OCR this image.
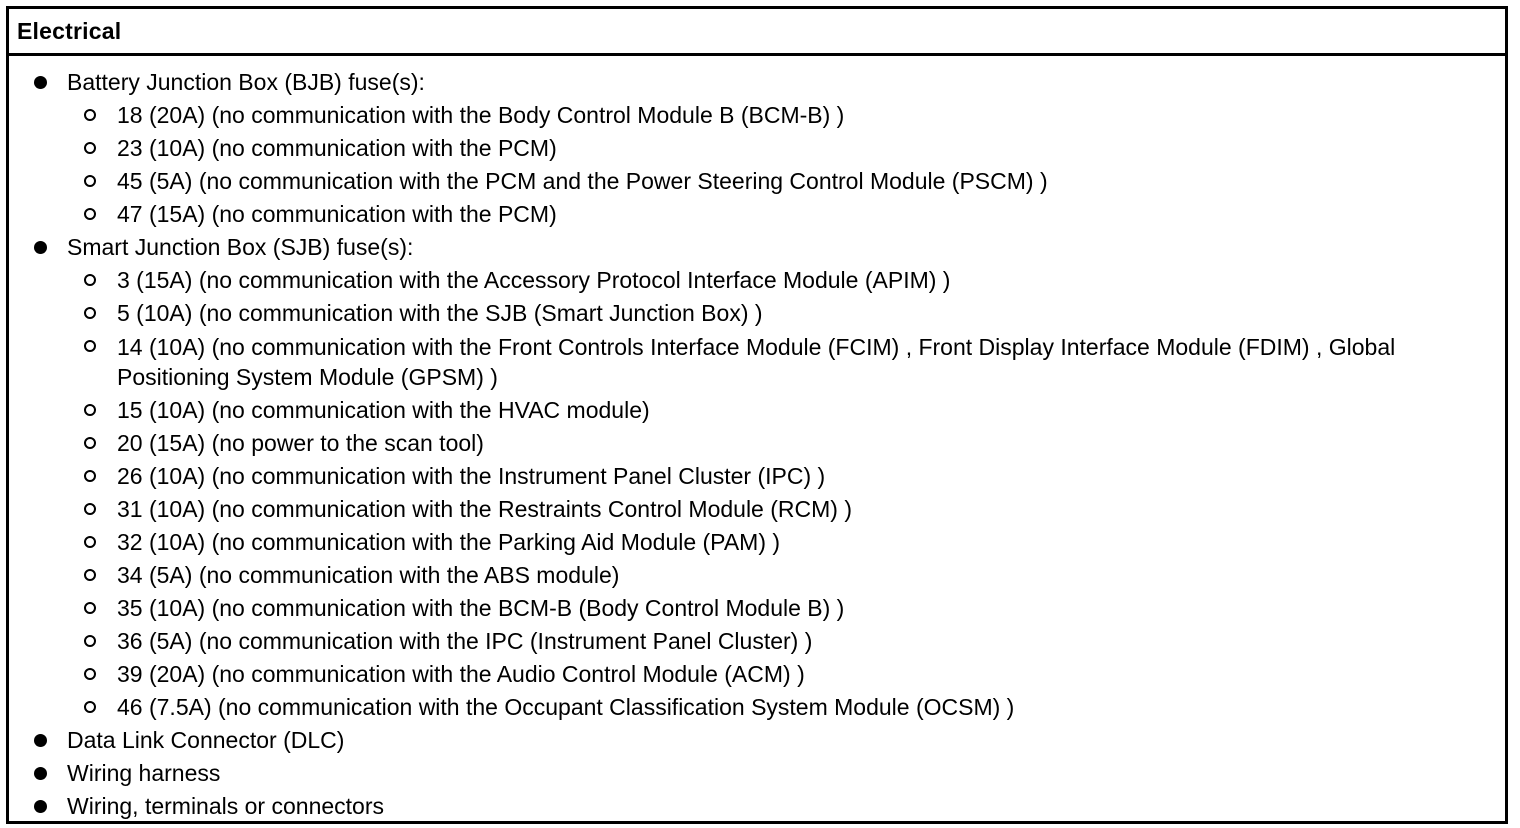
Electrical
Battery Junction Box (BJB) fuse(s):
18 (20A) (no communication with the Body Control Module B (BCM-B) )
23 (10A) (no communication with the PCM)
45 (5A) (no communication with the PCM and the Power Steering Control Module (PSCM) )
47 (15A) (no communication with the PCM)
Smart Junction Box (SJB) fuse(s):
3 (15A) (no communication with the Accessory Protocol Interface Module (APIM) )
5 (10A) (no communication with the SJB (Smart Junction Box) )
14 (10A) (no communication with the Front Controls Interface Module (FCIM) , Front Display Interface Module (FDIM) , Global Positioning System Module (GPSM) )
15 (10A) (no communication with the HVAC module)
20 (15A) (no power to the scan tool)
26 (10A) (no communication with the Instrument Panel Cluster (IPC) )
31 (10A) (no communication with the Restraints Control Module (RCM) )
32 (10A) (no communication with the Parking Aid Module (PAM) )
34 (5A) (no communication with the ABS module)
35 (10A) (no communication with the BCM-B (Body Control Module B) )
36 (5A) (no communication with the IPC (Instrument Panel Cluster) )
39 (20A) (no communication with the Audio Control Module (ACM) )
46 (7.5A) (no communication with the Occupant Classification System Module (OCSM) )
Data Link Connector (DLC)
Wiring harness
Wiring, terminals or connectors
